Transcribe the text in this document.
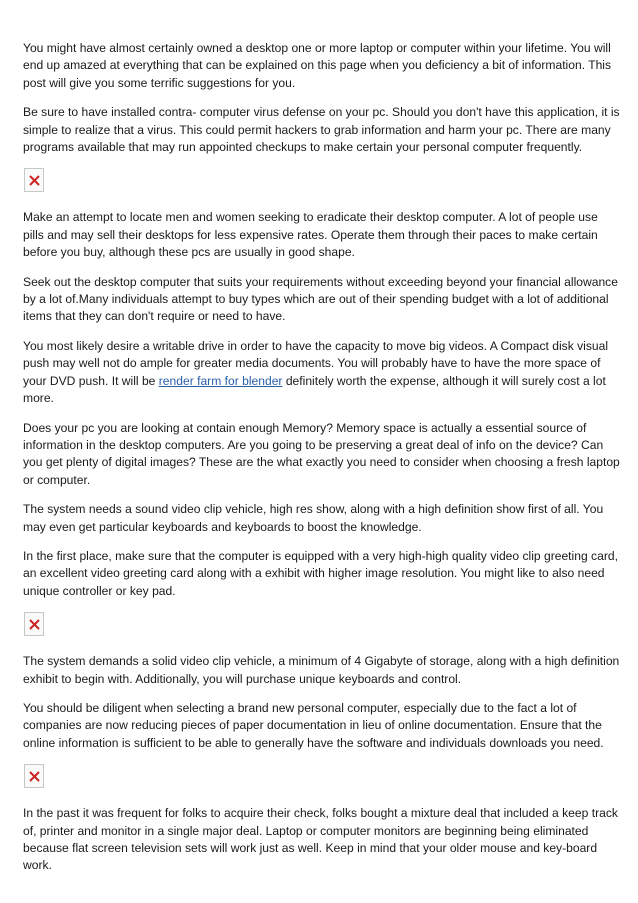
You might have almost certainly owned a desktop one or more laptop or computer within your lifetime. You will end up amazed at everything that can be explained on this page when you deficiency a bit of information. This post will give you some terrific suggestions for you.

Be sure to have installed contra- computer virus defense on your pc. Should you don't have this application, it is simple to realize that a virus. This could permit hackers to grab information and harm your pc. There are many programs available that may run appointed checkups to make certain your personal computer frequently.

Make an attempt to locate men and women seeking to eradicate their desktop computer. A lot of people use pills and may sell their desktops for less expensive rates. Operate them through their paces to make certain before you buy, although these pcs are usually in good shape.

Seek out the desktop computer that suits your requirements without exceeding beyond your financial allowance by a lot of.Many individuals attempt to buy types which are out of their spending budget with a lot of additional items that they can don't require or need to have.

You most likely desire a writable drive in order to have the capacity to move big videos. A Compact disk visual push may well not do ample for greater media documents. You will probably have to have the more space of your DVD push. It will be render farm for blender definitely worth the expense, although it will surely cost a lot more.

Does your pc you are looking at contain enough Memory? Memory space is actually a essential source of information in the desktop computers. Are you going to be preserving a great deal of info on the device? Can you get plenty of digital images? These are the what exactly you need to consider when choosing a fresh laptop or computer.

The system needs a sound video clip vehicle, high res show, along with a high definition show first of all. You may even get particular keyboards and keyboards to boost the knowledge.

In the first place, make sure that the computer is equipped with a very high-high quality video clip greeting card, an excellent video greeting card along with a exhibit with higher image resolution. You might like to also need unique controller or key pad.

The system demands a solid video clip vehicle, a minimum of 4 Gigabyte of storage, along with a high definition exhibit to begin with. Additionally, you will purchase unique keyboards and control.

You should be diligent when selecting a brand new personal computer, especially due to the fact a lot of companies are now reducing pieces of paper documentation in lieu of online documentation. Ensure that the online information is sufficient to be able to generally have the software and individuals downloads you need.

In the past it was frequent for folks to acquire their check, folks bought a mixture deal that included a keep track of, printer and monitor in a single major deal. Laptop or computer monitors are beginning being eliminated because flat screen television sets will work just as well. Keep in mind that your older mouse and key-board work.
